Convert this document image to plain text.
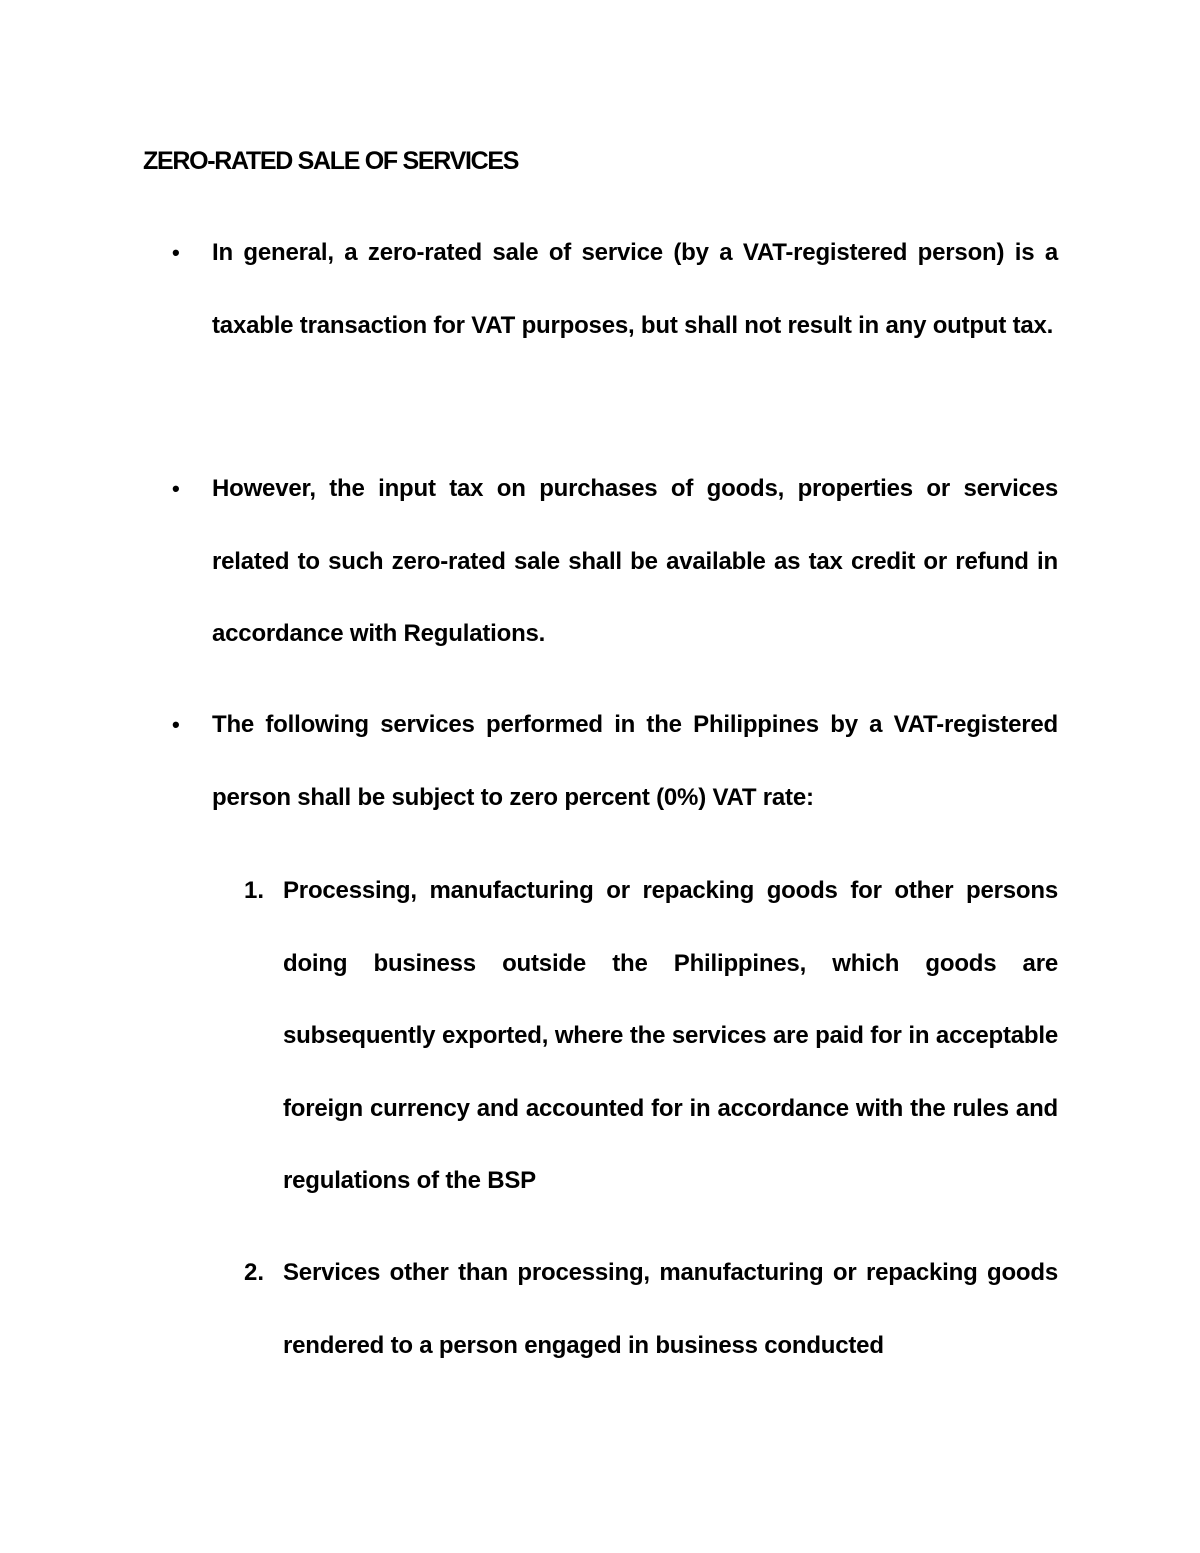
ZERO-RATED SALE OF SERVICES
•	In general, a zero-rated sale of service (by a VAT-registered person) is a taxable transaction for VAT purposes, but shall not result in any output tax.

•	However, the input tax on purchases of goods, properties or services related to such zero-rated sale shall be available as tax credit or refund in accordance with Regulations.

•	The following services performed in the Philippines by a VAT-registered person shall be subject to zero percent (0%) VAT rate:

1. Processing, manufacturing or repacking goods for other persons doing business outside the Philippines, which goods are subsequently exported, where the services are paid for in acceptable foreign currency and accounted for in accordance with the rules and regulations of the BSP

2. Services other than processing, manufacturing or repacking goods rendered to a person engaged in business conducted
